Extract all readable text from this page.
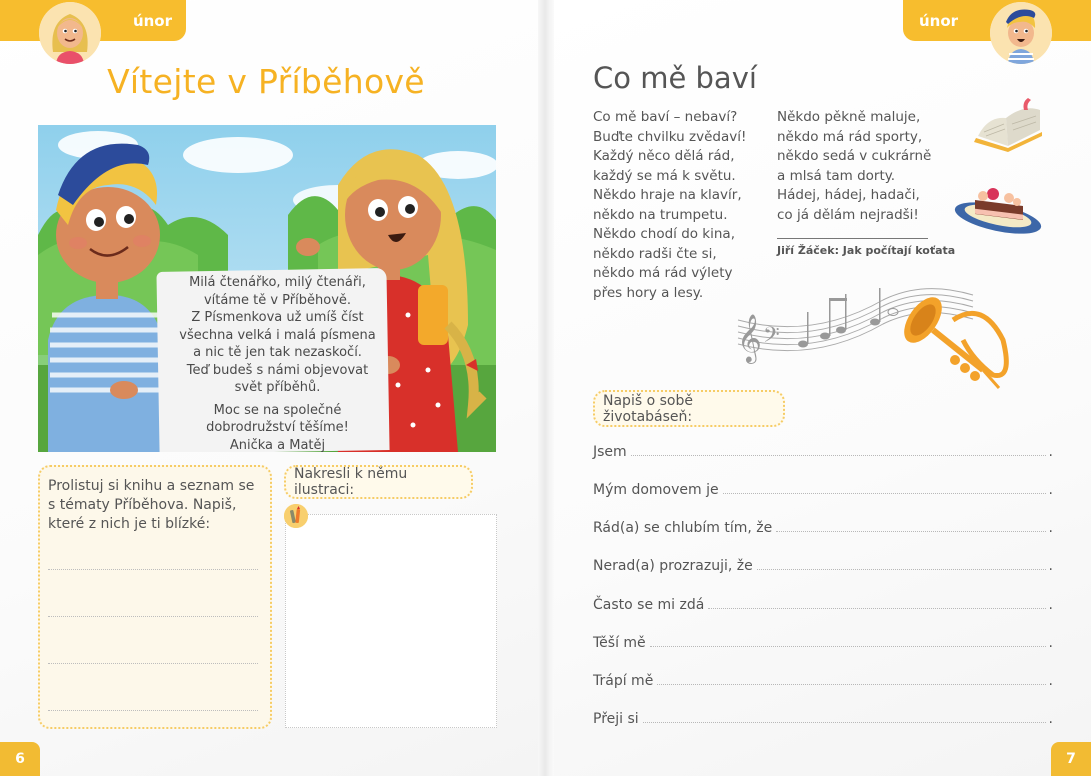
únor
Vítejte v Příběhově

Milá čtenářko, milý čtenáři,

vítáme tě v Příběhově.

Z Písmenkova už umíš číst

všechna velká i malá písmena

a nic tě jen tak nezaskočí.

Teď budeš s námi objevovat

svět příběhů.

Moc se na společné

dobrodružství těšíme!

Anička a Matěj

Prolistuj si knihu a seznam se s tématy Příběhova. Napiš, které z nich je ti blízké:
Nakresli k němu ilustraci:
6
únor
Co mě baví
Co mě baví – nebaví?
Buďte chvilku zvědaví!
Každý něco dělá rád,
každý se má k světu.
Někdo hraje na klavír,
někdo na trumpetu.
Někdo chodí do kina,
někdo radši čte si,
někdo má rád výlety
přes hory a lesy.
Někdo pěkně maluje,
někdo má rád sporty,
někdo sedá v cukrárně
a mlsá tam dorty.
Hádej, hádej, hadači,
co já dělám nejradši!
Jiří Žáček: Jak počítají koťata
𝄞 𝄢
Napiš o sobě životabáseň:
Jsem	.
Mým domovem je	.
Rád(a) se chlubím tím, že	.
Nerad(a) prozrazuji, že	.
Často se mi zdá	.
Těší mě	.
Trápí mě	.
Přeji si	.
7
